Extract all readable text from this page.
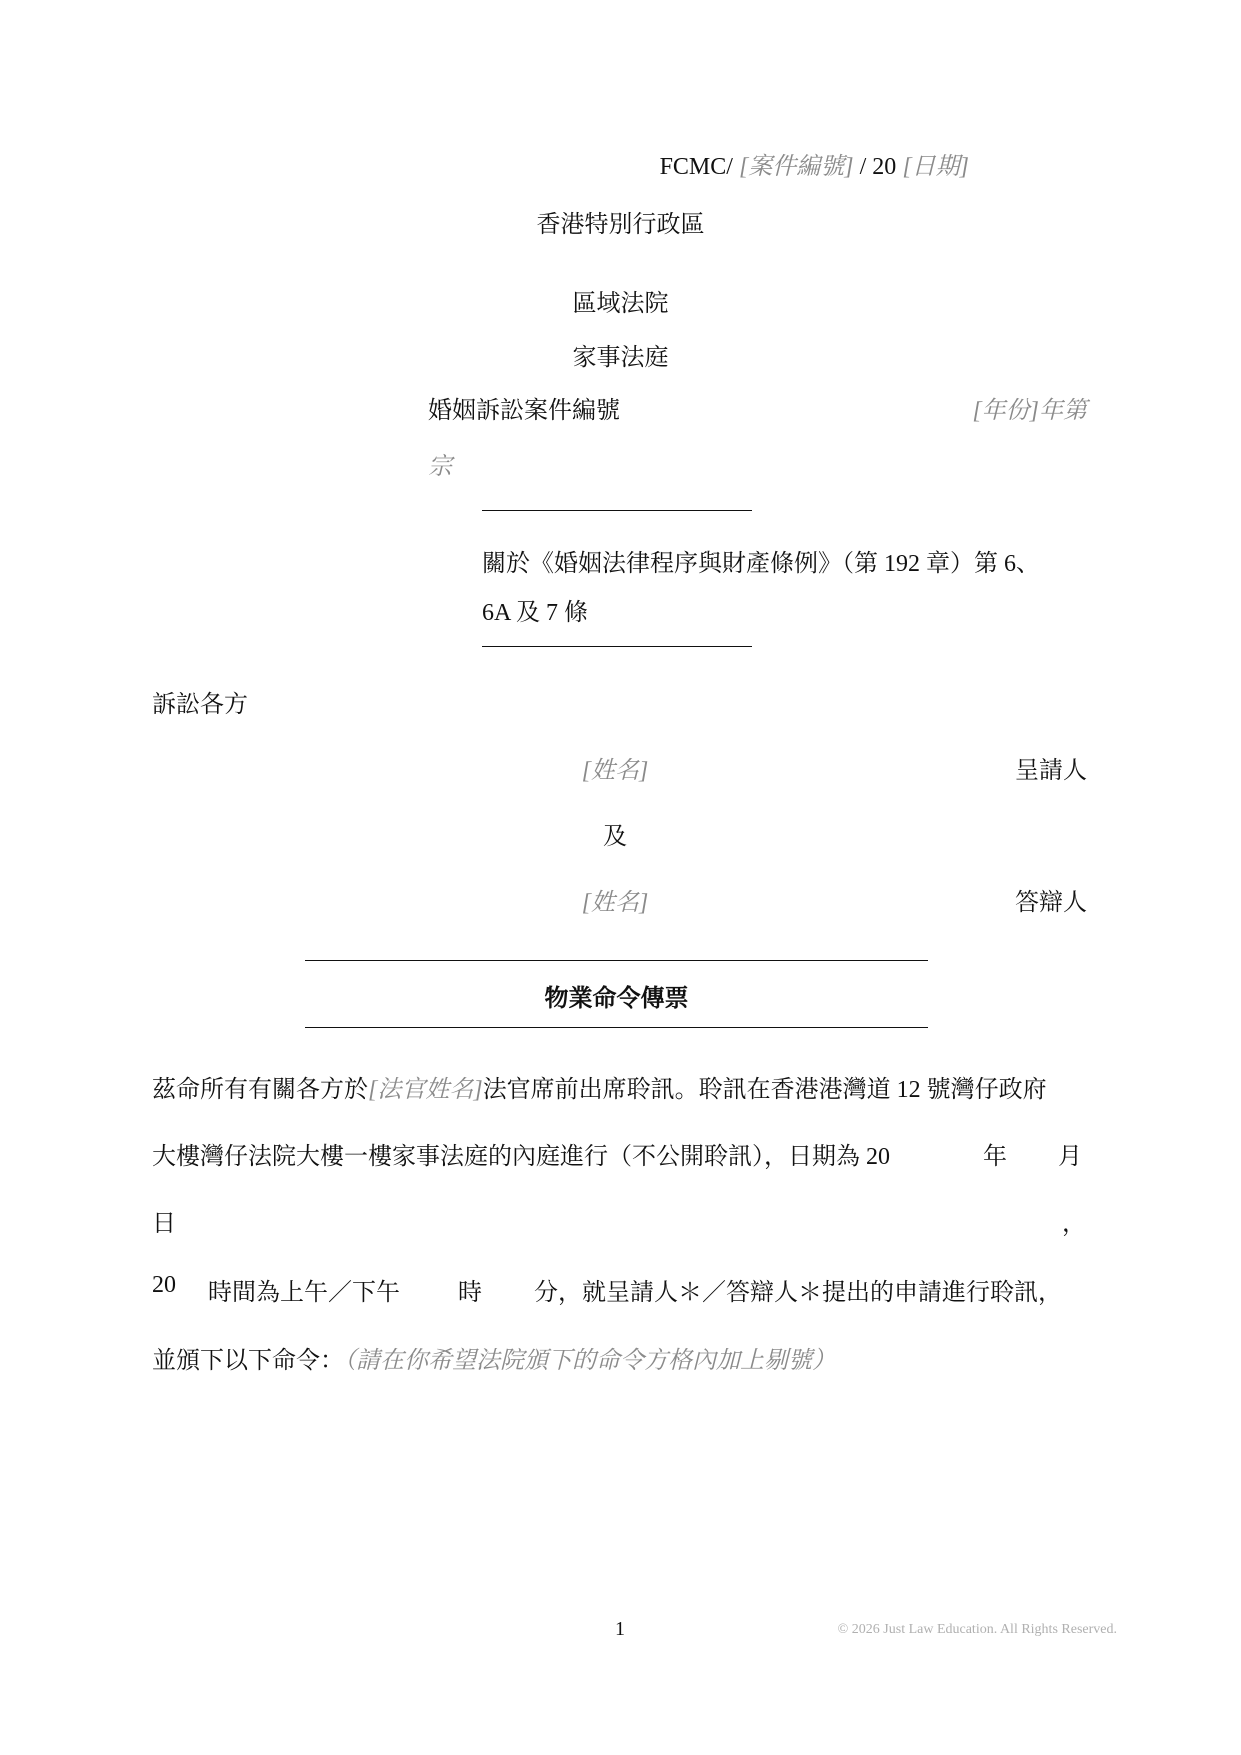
FCMC/ [案件編號] / 20 [日期]
香港特別行政區
區域法院
家事法庭
婚姻訴訟案件編號	[年份]年第
宗
關於《婚姻法律程序與財產條例》（第 192 章）第 6、
6A 及 7 條
訴訟各方
[姓名]	呈請人
及
[姓名]	答辯人
物業命令傳票
茲命所有有關各方於[法官姓名]法官席前出席聆訊。聆訊在香港港灣道 12 號灣仔政府
大樓灣仔法院大樓一樓家事法庭的內庭進行（不公開聆訊），日期為 20	年 月
日	，
20 時間為上午／下午 時 分，就呈請人＊／答辯人＊提出的申請進行聆訊，
並頒下以下命令：（請在你希望法院頒下的命令方格內加上剔號）
1	© 2026 Just Law Education. All Rights Reserved.
